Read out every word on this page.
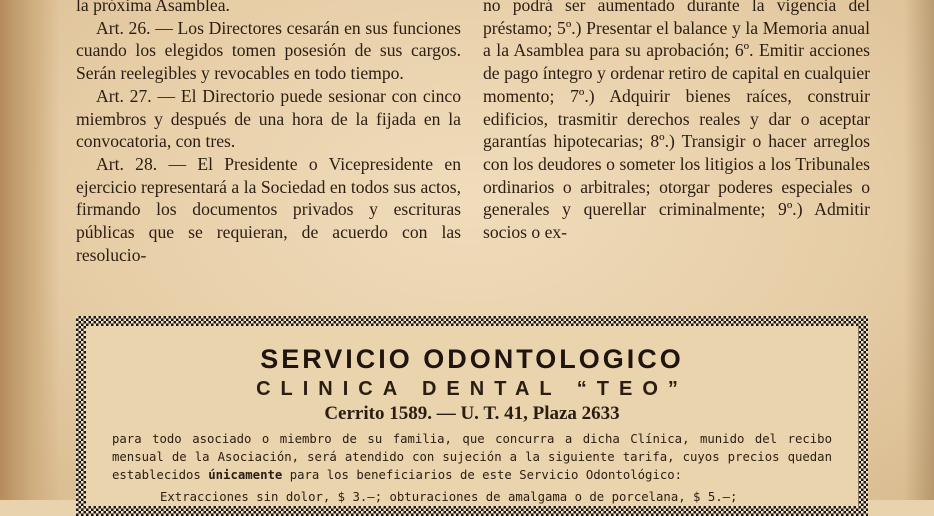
la próxima Asamblea.

Art. 26. — Los Directores cesarán en sus funciones cuando los elegidos tomen posesión de sus cargos. Serán reelegibles y revocables en todo tiempo.

Art. 27. — El Directorio puede sesionar con cinco miembros y después de una hora de la fijada en la convocatoria, con tres.

Art. 28. — El Presidente o Vicepresidente en ejercicio representará a la Sociedad en todos sus actos, firmando los documentos privados y escrituras públicas que se requieran, de acuerdo con las resolucio-

no podrá ser aumentado durante la vigencia del préstamo; 5º.) Presentar el balance y la Memoria anual a la Asamblea para su aprobación; 6º. Emitir acciones de pago íntegro y ordenar retiro de capital en cualquier momento; 7º.) Adquirir bienes raíces, construir edificios, trasmitir derechos reales y dar o aceptar garantías hipotecarias; 8º.) Transigir o hacer arreglos con los deudores o someter los litigios a los Tribunales ordinarios o arbitrales; otorgar poderes especiales o generales y querellar criminalmente; 9º.) Admitir socios o ex-

SERVICIO ODONTOLOGICO
CLINICA DENTAL “TEO”
Cerrito 1589. — U. T. 41, Plaza 2633
para todo asociado o miembro de su familia, que concurra a dicha Clínica, munido del recibo mensual de la Asociación, será atendido con sujeción a la siguiente tarifa, cuyos precios quedan establecidos únicamente para los beneficiarios de este Servicio Odontológico:
Extracciones sin dolor, $ 3.—; obturaciones de amalgama o de porcelana, $ 5.—;
